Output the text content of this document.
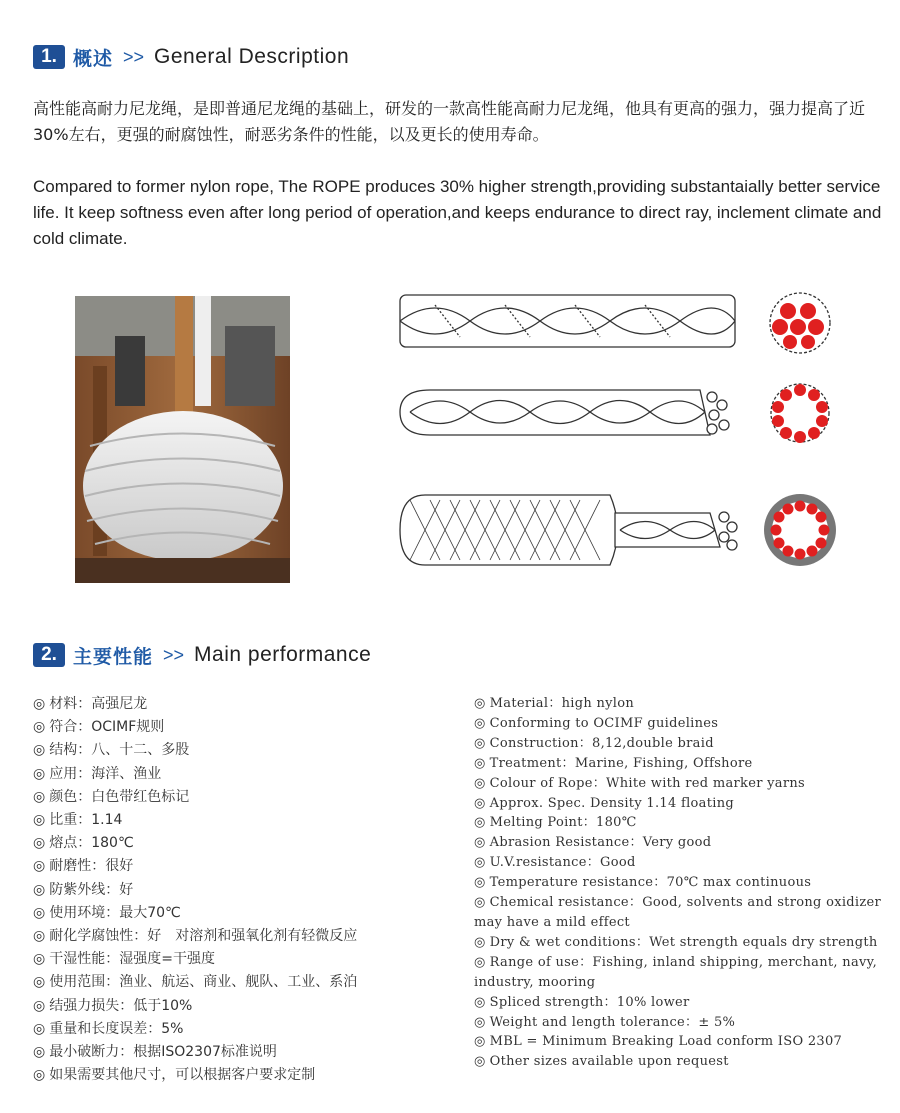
1. 概述 >> General Description

高性能高耐力尼龙绳，是即普通尼龙绳的基础上，研发的一款高性能高耐力尼龙绳，他具有更高的强力，强力提高了近30%左右，更强的耐腐蚀性，耐恶劣条件的性能，以及更长的使用寿命。

Compared to former nylon rope, The ROPE produces 30% higher strength,providing substantaially better service life. It keep softness even after long period of operation,and keeps endurance to direct ray, inclement climate and cold climate.

2. 主要性能 >> Main performance
◎ 材料：高强尼龙
◎ 符合：OCIMF规则
◎ 结构：八、十二、多股
◎ 应用：海洋、渔业
◎ 颜色：白色带红色标记
◎ 比重：1.14
◎ 熔点：180℃
◎ 耐磨性：很好
◎ 防紫外线：好
◎ 使用环境：最大70℃
◎ 耐化学腐蚀性：好　对溶剂和强氧化剂有轻微反应
◎ 干湿性能：湿强度=干强度
◎ 使用范围：渔业、航运、商业、舰队、工业、系泊
◎ 结强力损失：低于10%
◎ 重量和长度误差：5%
◎ 最小破断力：根据ISO2307标准说明
◎ 如果需要其他尺寸，可以根据客户要求定制
◎ Material：high nylon
◎ Conforming to OCIMF guidelines
◎ Construction：8,12,double braid
◎ Treatment：Marine, Fishing, Offshore
◎ Colour of Rope：White with red marker yarns
◎ Approx. Spec. Density 1.14 floating
◎ Melting Point：180℃
◎ Abrasion Resistance：Very good
◎ U.V.resistance：Good
◎ Temperature resistance：70℃ max continuous
◎ Chemical resistance：Good, solvents and strong oxidizer may have a mild effect
◎ Dry & wet conditions：Wet strength equals dry strength
◎ Range of use：Fishing, inland shipping, merchant, navy, industry, mooring
◎ Spliced strength：10% lower
◎ Weight and length tolerance：± 5%
◎ MBL = Minimum Breaking Load conform ISO 2307
◎ Other sizes available upon request
